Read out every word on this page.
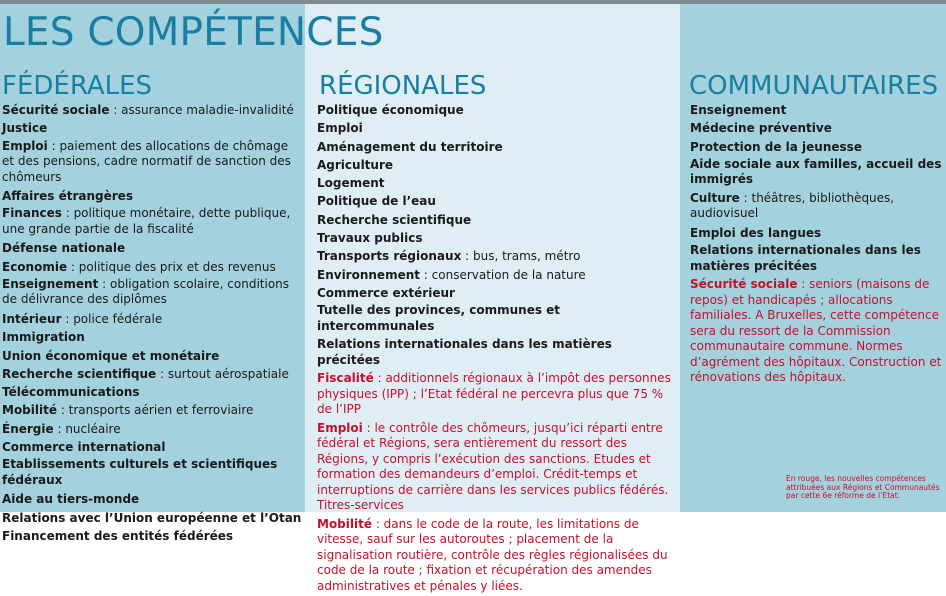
LES COMPÉTENCES
FÉDÉRALES	RÉGIONALES	COMMUNAUTAIRES
Sécurité sociale : assurance maladie-invalidité
Justice
Emploi : paiement des allocations de chômage et des pensions, cadre normatif de sanction des chômeurs
Affaires étrangères
Finances : politique monétaire, dette publique, une grande partie de la fiscalité
Défense nationale
Economie : politique des prix et des revenus
Enseignement : obligation scolaire, conditions de délivrance des diplômes
Intérieur : police fédérale
Immigration
Union économique et monétaire
Recherche scientifique : surtout aérospatiale
Télécommunications
Mobilité : transports aérien et ferroviaire
Énergie : nucléaire
Commerce international
Etablissements culturels et scientifiques fédéraux
Aide au tiers-monde
Relations avec l’Union européenne et l’Otan
Financement des entités fédérées
Politique économique
Emploi
Aménagement du territoire
Agriculture
Logement
Politique de l’eau
Recherche scientifique
Travaux publics
Transports régionaux : bus, trams, métro
Environnement : conservation de la nature
Commerce extérieur
Tutelle des provinces, communes et intercommunales
Relations internationales dans les matières précitées
Fiscalité : additionnels régionaux à l’impôt des personnes physiques (IPP) ; l’Etat fédéral ne percevra plus que 75 % de l’IPP
Emploi : le contrôle des chômeurs, jusqu’ici réparti entre fédéral et Régions, sera entièrement du ressort des Régions, y compris l’exécution des sanctions. Etudes et formation des demandeurs d’emploi. Crédit-temps et interruptions de carrière dans les services publics fédérés. Titres-services
Mobilité : dans le code de la route, les limitations de vitesse, sauf sur les autoroutes ; placement de la signalisation routière, contrôle des règles régionalisées du code de la route ; fixation et récupération des amendes administratives et pénales y liées.
Enseignement
Médecine préventive
Protection de la jeunesse
Aide sociale aux familles, accueil des immigrés
Culture : théâtres, bibliothèques, audiovisuel
Emploi des langues
Relations internationales dans les matières précitées
Sécurité sociale : seniors (maisons de repos) et handicapés ; allocations familiales. A Bruxelles, cette compétence sera du ressort de la Commission communautaire commune. Normes d’agrément des hôpitaux. Construction et rénovations des hôpitaux.
En rouge, les nouvelles compétences attribuées aux Régions et Communautés par cette 6e réforme de l’Etat.
